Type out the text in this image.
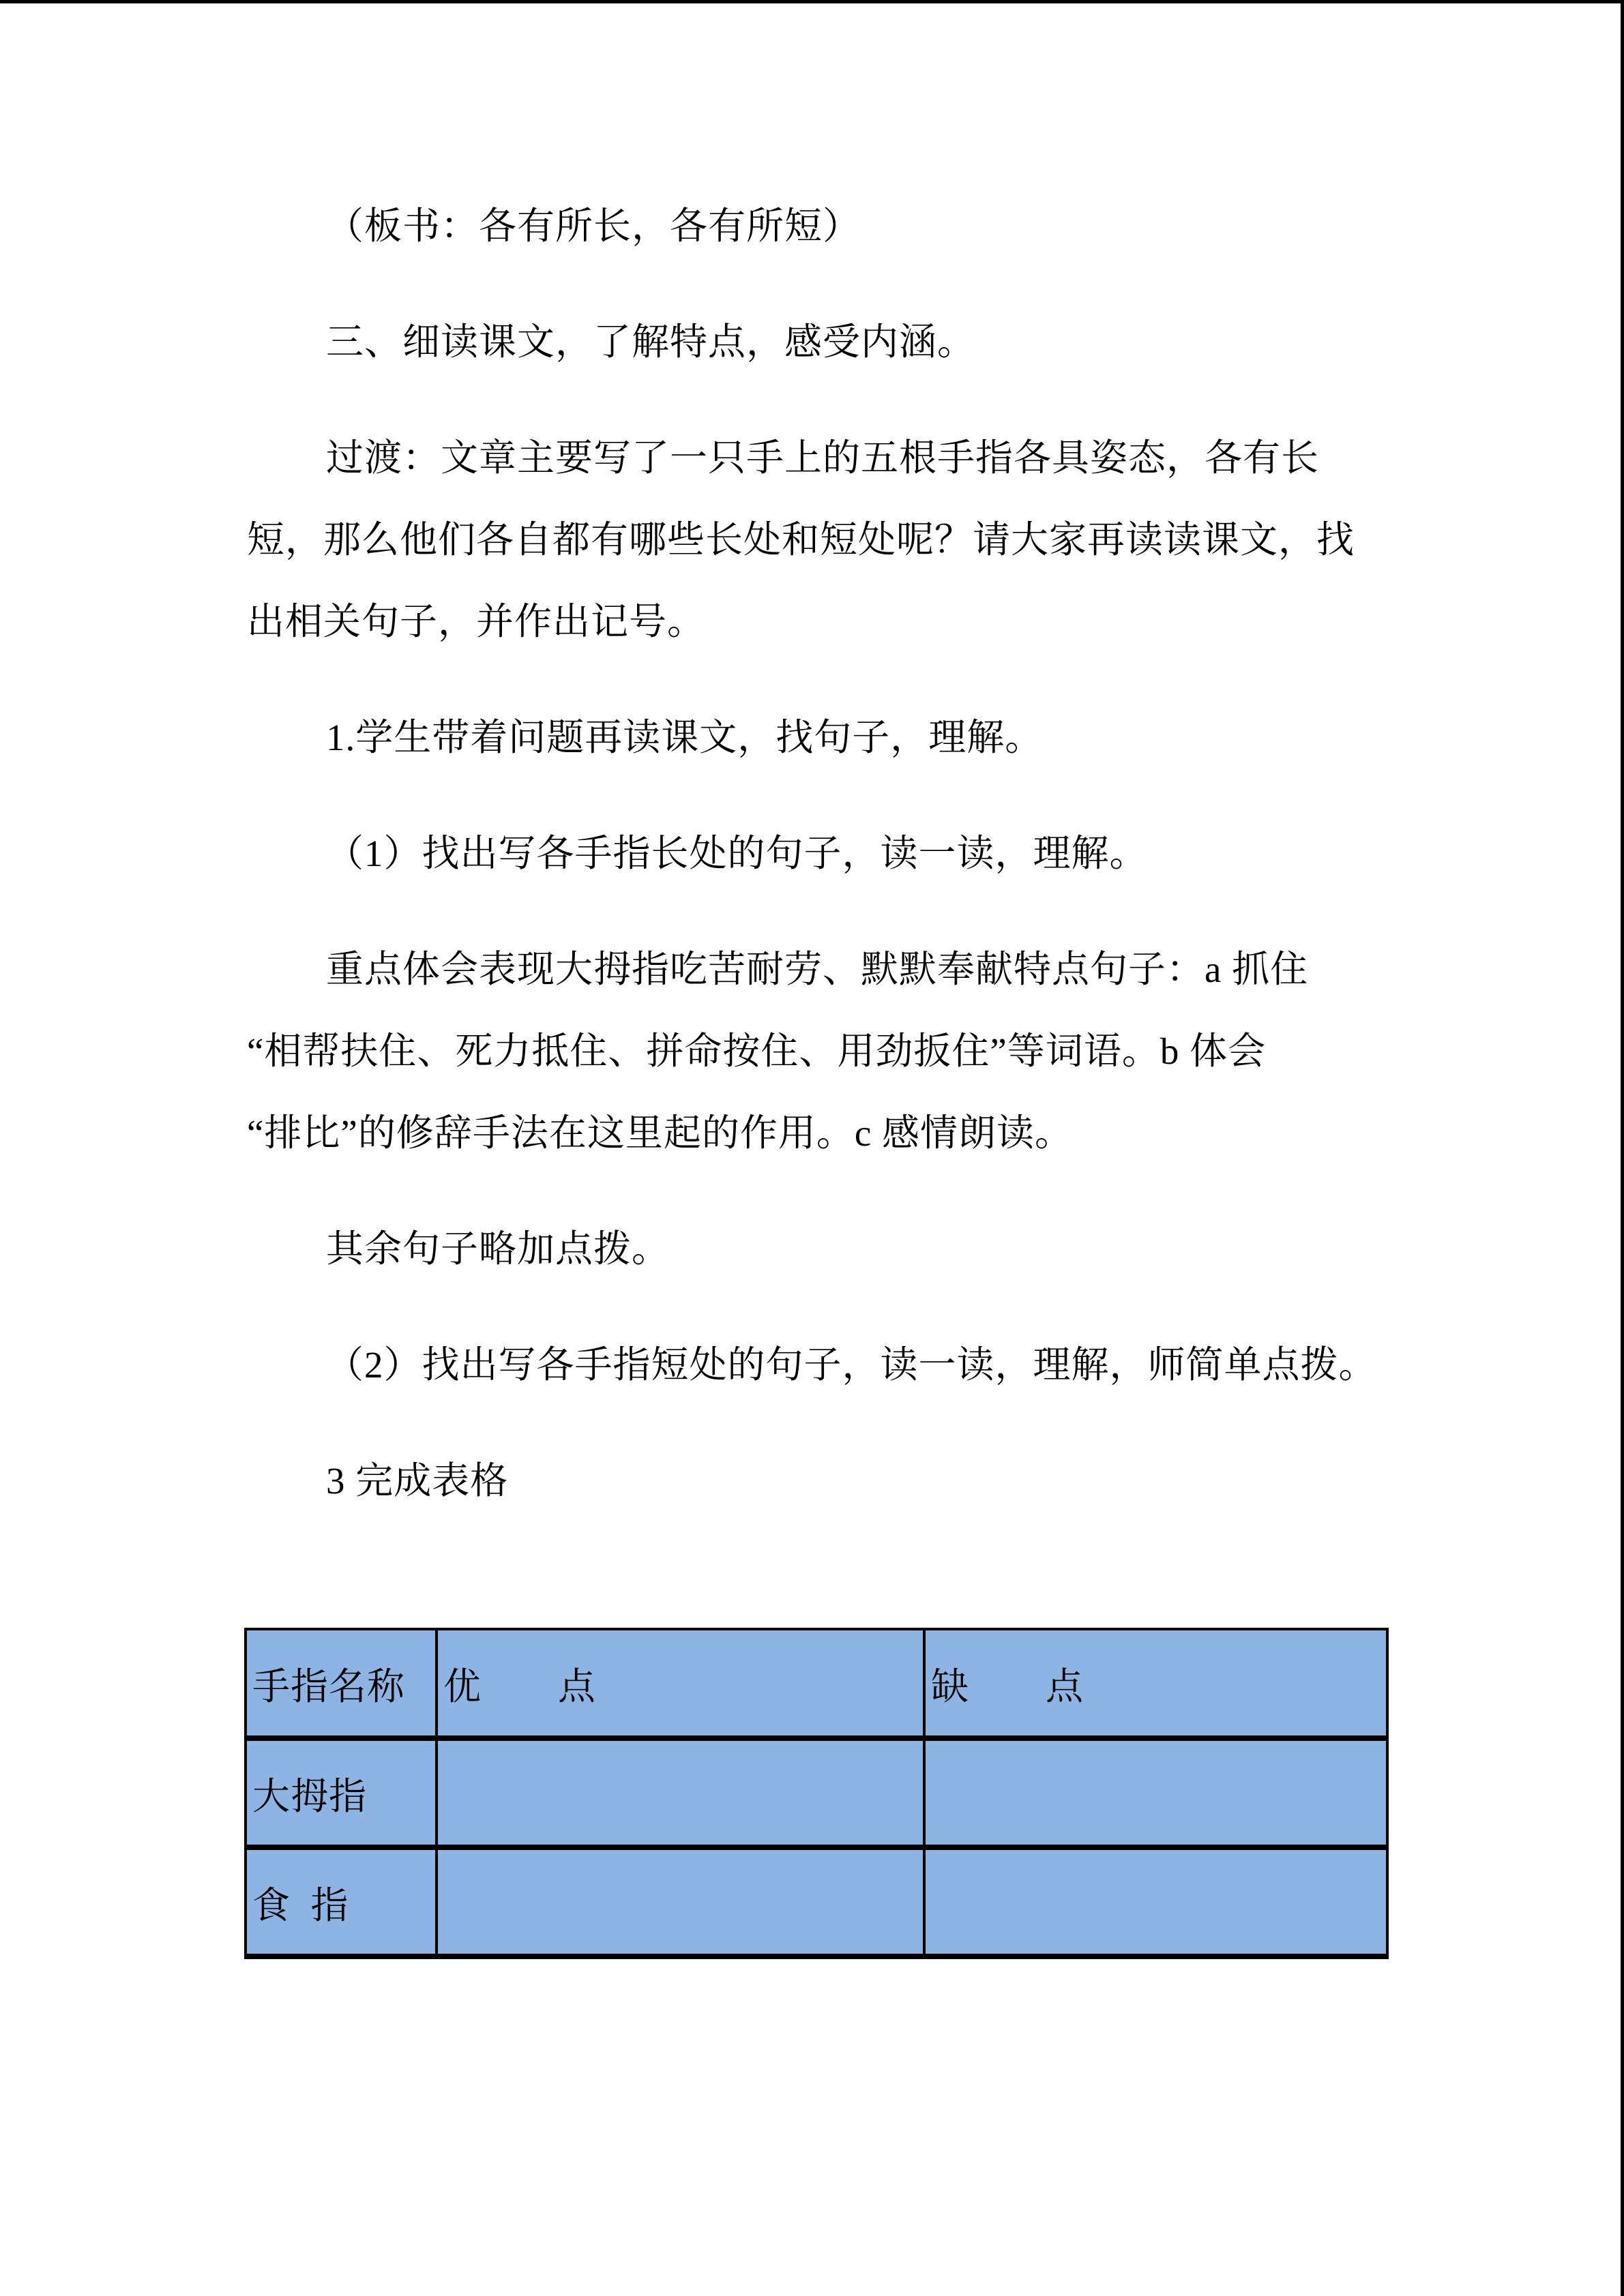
（板书：各有所长，各有所短）
三、细读课文，了解特点，感受内涵。
过渡：文章主要写了一只手上的五根手指各具姿态，各有长
短，那么他们各自都有哪些长处和短处呢？请大家再读读课文，找
出相关句子，并作出记号。
1.学生带着问题再读课文，找句子，理解。
（1）找出写各手指长处的句子，读一读，理解。
重点体会表现大拇指吃苦耐劳、默默奉献特点句子：a 抓住
“相帮扶住、死力抵住、拼命按住、用劲扳住”等词语。b 体会
“排比”的修辞手法在这里起的作用。c 感情朗读。
其余句子略加点拨。
（2）找出写各手指短处的句子，读一读，理解，师简单点拨。
3 完成表格
手指名称	优　　点	缺　　点
大拇指		
食  指		
